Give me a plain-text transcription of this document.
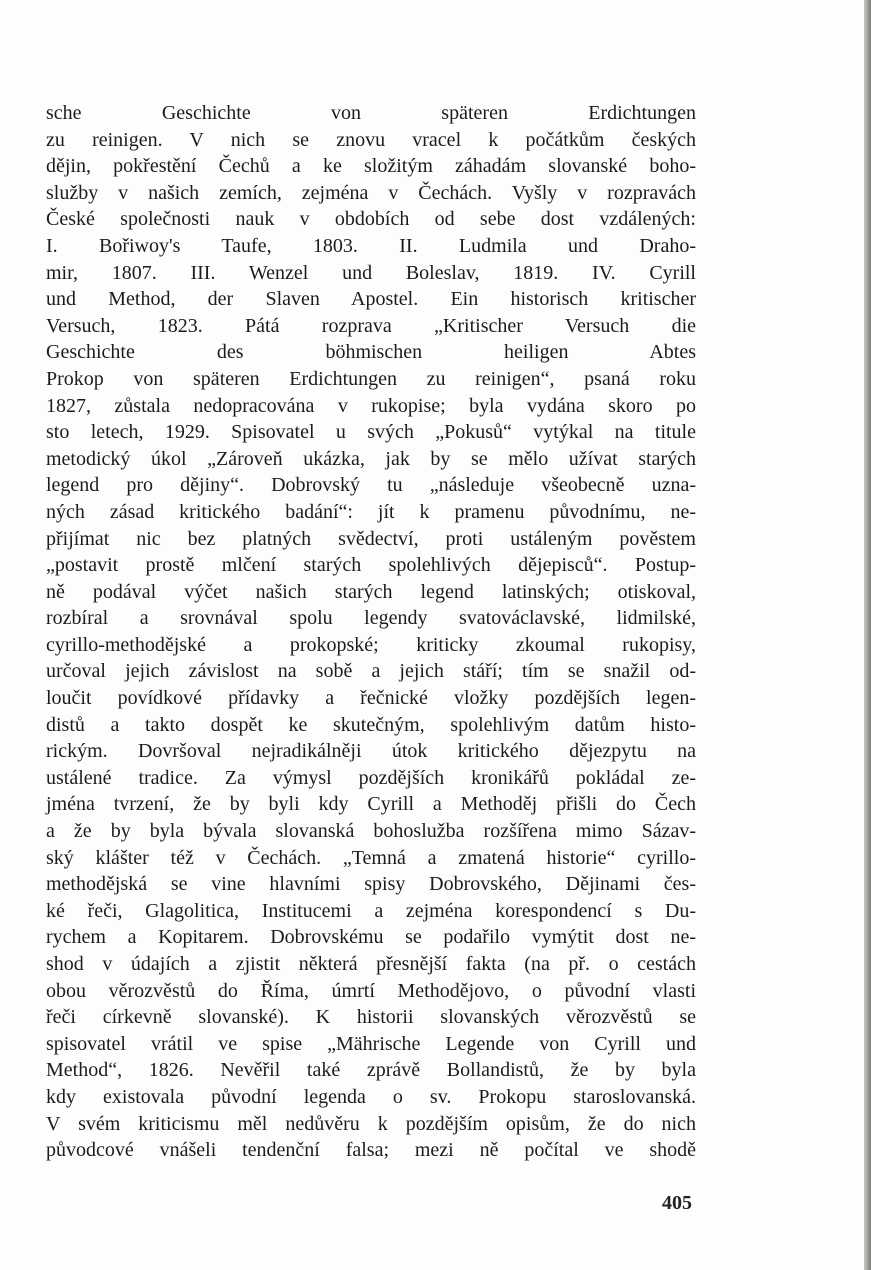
sche Geschichte von späteren Erdichtungen
zu reinigen. V nich se znovu vracel k počátkům českých
dějin, pokřestění Čechů a ke složitým záhadám slovanské boho-
služby v našich zemích, zejména v Čechách. Vyšly v rozpravách
České společnosti nauk v obdobích od sebe dost vzdálených:
I. Bořiwoy's Taufe, 1803. II. Ludmila und Draho-
mir, 1807. III. Wenzel und Boleslav, 1819. IV. Cyrill
und Method, der Slaven Apostel. Ein historisch kritischer
Versuch, 1823. Pátá rozprava „Kritischer Versuch die
Geschichte des böhmischen heiligen Abtes
Prokop von späteren Erdichtungen zu reinigen“, psaná roku
1827, zůstala nedopracována v rukopise; byla vydána skoro po
sto letech, 1929. Spisovatel u svých „Pokusů“ vytýkal na titule
metodický úkol „Zároveň ukázka, jak by se mělo užívat starých
legend pro dějiny“. Dobrovský tu „následuje všeobecně uzna-
ných zásad kritického badání“: jít k pramenu původnímu, ne-
přijímat nic bez platných svědectví, proti ustáleným pověstem
„postavit prostě mlčení starých spolehlivých dějepisců“. Postup-
ně podával výčet našich starých legend latinských; otiskoval,
rozbíral a srovnával spolu legendy svatováclavské, lidmilské,
cyrillo-methodějské a prokopské; kriticky zkoumal rukopisy,
určoval jejich závislost na sobě a jejich stáří; tím se snažil od-
loučit povídkové přídavky a řečnické vložky pozdějších legen-
distů a takto dospět ke skutečným, spolehlivým datům histo-
rickým. Dovršoval nejradikálněji útok kritického dějezpytu na
ustálené tradice. Za výmysl pozdějších kronikářů pokládal ze-
jména tvrzení, že by byli kdy Cyrill a Methoděj přišli do Čech
a že by byla bývala slovanská bohoslužba rozšířena mimo Sázav-
ský klášter též v Čechách. „Temná a zmatená historie“ cyrillo-
methodějská se vine hlavními spisy Dobrovského, Dějinami čes-
ké řeči, Glagolitica, Institucemi a zejména korespondencí s Du-
rychem a Kopitarem. Dobrovskému se podařilo vymýtit dost ne-
shod v údajích a zjistit některá přesnější fakta (na př. o cestách
obou věrozvěstů do Říma, úmrtí Methodějovo, o původní vlasti
řeči církevně slovanské). K historii slovanských věrozvěstů se
spisovatel vrátil ve spise „Mährische Legende von Cyrill und
Method“, 1826. Nevěřil také zprávě Bollandistů, že by byla
kdy existovala původní legenda o sv. Prokopu staroslovanská.
V svém kriticismu měl nedůvěru k pozdějším opisům, že do nich
původcové vnášeli tendenční falsa; mezi ně počítal ve shodě
405
